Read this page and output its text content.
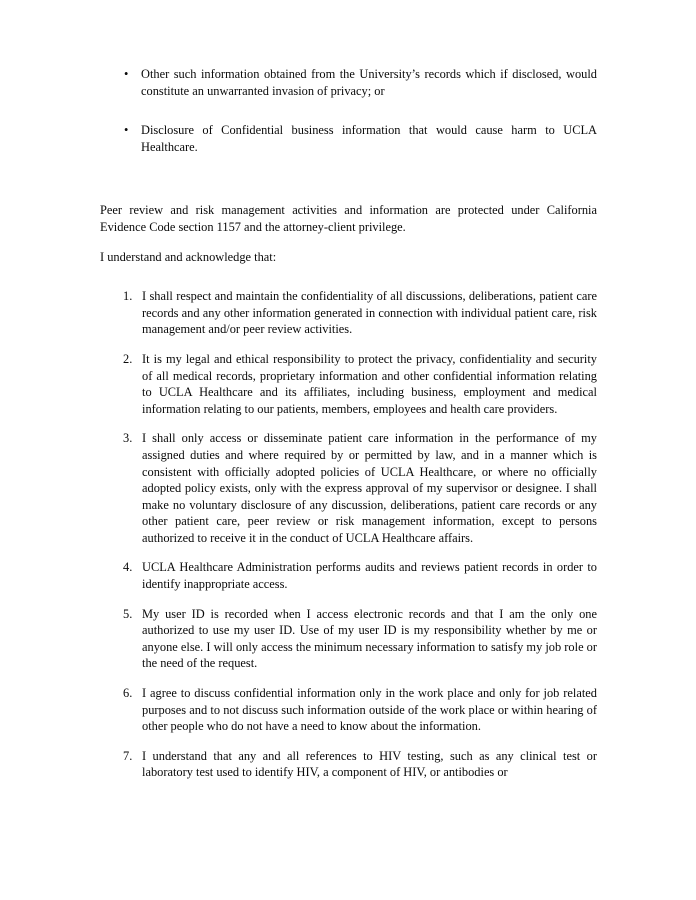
• Other such information obtained from the University’s records which if disclosed, would constitute an unwarranted invasion of privacy; or
• Disclosure of Confidential business information that would cause harm to UCLA Healthcare.

Peer review and risk management activities and information are protected under California Evidence Code section 1157 and the attorney-client privilege.

I understand and acknowledge that:

1. I shall respect and maintain the confidentiality of all discussions, deliberations, patient care records and any other information generated in connection with individual patient care, risk management and/or peer review activities.
2. It is my legal and ethical responsibility to protect the privacy, confidentiality and security of all medical records, proprietary information and other confidential information relating to UCLA Healthcare and its affiliates, including business, employment and medical information relating to our patients, members, employees and health care providers.
3. I shall only access or disseminate patient care information in the performance of my assigned duties and where required by or permitted by law, and in a manner which is consistent with officially adopted policies of UCLA Healthcare, or where no officially adopted policy exists, only with the express approval of my supervisor or designee. I shall make no voluntary disclosure of any discussion, deliberations, patient care records or any other patient care, peer review or risk management information, except to persons authorized to receive it in the conduct of UCLA Healthcare affairs.
4. UCLA Healthcare Administration performs audits and reviews patient records in order to identify inappropriate access.
5. My user ID is recorded when I access electronic records and that I am the only one authorized to use my user ID. Use of my user ID is my responsibility whether by me or anyone else. I will only access the minimum necessary information to satisfy my job role or the need of the request.
6. I agree to discuss confidential information only in the work place and only for job related purposes and to not discuss such information outside of the work place or within hearing of other people who do not have a need to know about the information.
7. I understand that any and all references to HIV testing, such as any clinical test or laboratory test used to identify HIV, a component of HIV, or antibodies or
